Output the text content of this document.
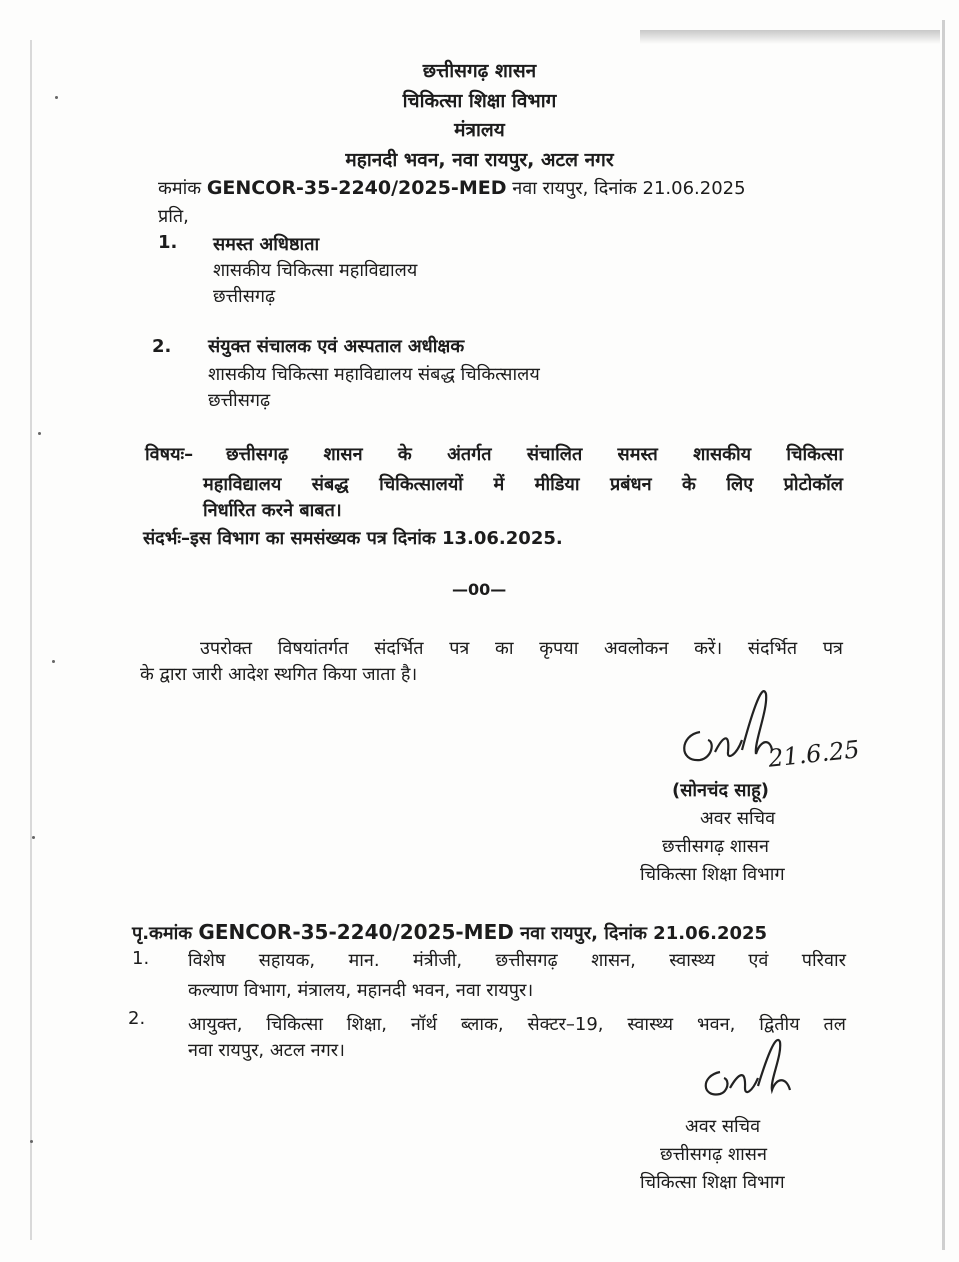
छत्तीसगढ़ शासन
चिकित्सा शिक्षा विभाग
मंत्रालय
महानदी भवन, नवा रायपुर, अटल नगर
कमांक GENCOR-35-2240/2025-MED नवा रायपुर, दिनांक 21.06.2025
प्रति,
1. समस्त अधिष्ठाता
शासकीय चिकित्सा महाविद्यालय
छत्तीसगढ़
2. संयुक्त संचालक एवं अस्पताल अधीक्षक
शासकीय चिकित्सा महाविद्यालय संबद्ध चिकित्सालय
छत्तीसगढ़
विषयः– छत्तीसगढ़ शासन के अंतर्गत संचालित समस्त शासकीय चिकित्सा
महाविद्यालय संबद्ध चिकित्सालयों में मीडिया प्रबंधन के लिए प्रोटोकॉल
निर्धारित करने बाबत।
संदर्भः–इस विभाग का समसंख्यक पत्र दिनांक 13.06.2025.
—00—
उपरोक्त विषयांतर्गत संदर्भित पत्र का कृपया अवलोकन करें। संदर्भित पत्र
के द्वारा जारी आदेश स्थगित किया जाता है।
21.6.25
(सोनचंद साहू)
अवर सचिव
छत्तीसगढ़ शासन
चिकित्सा शिक्षा विभाग
पृ.कमांक GENCOR-35-2240/2025-MED नवा रायपुर, दिनांक 21.06.2025
1. विशेष सहायक, मान. मंत्रीजी, छत्तीसगढ़ शासन, स्वास्थ्य एवं परिवार
कल्याण विभाग, मंत्रालय, महानदी भवन, नवा रायपुर।
2. आयुक्त, चिकित्सा शिक्षा, नॉर्थ ब्लाक, सेक्टर–19, स्वास्थ्य भवन, द्वितीय तल
नवा रायपुर, अटल नगर।
अवर सचिव
छत्तीसगढ़ शासन
चिकित्सा शिक्षा विभाग
